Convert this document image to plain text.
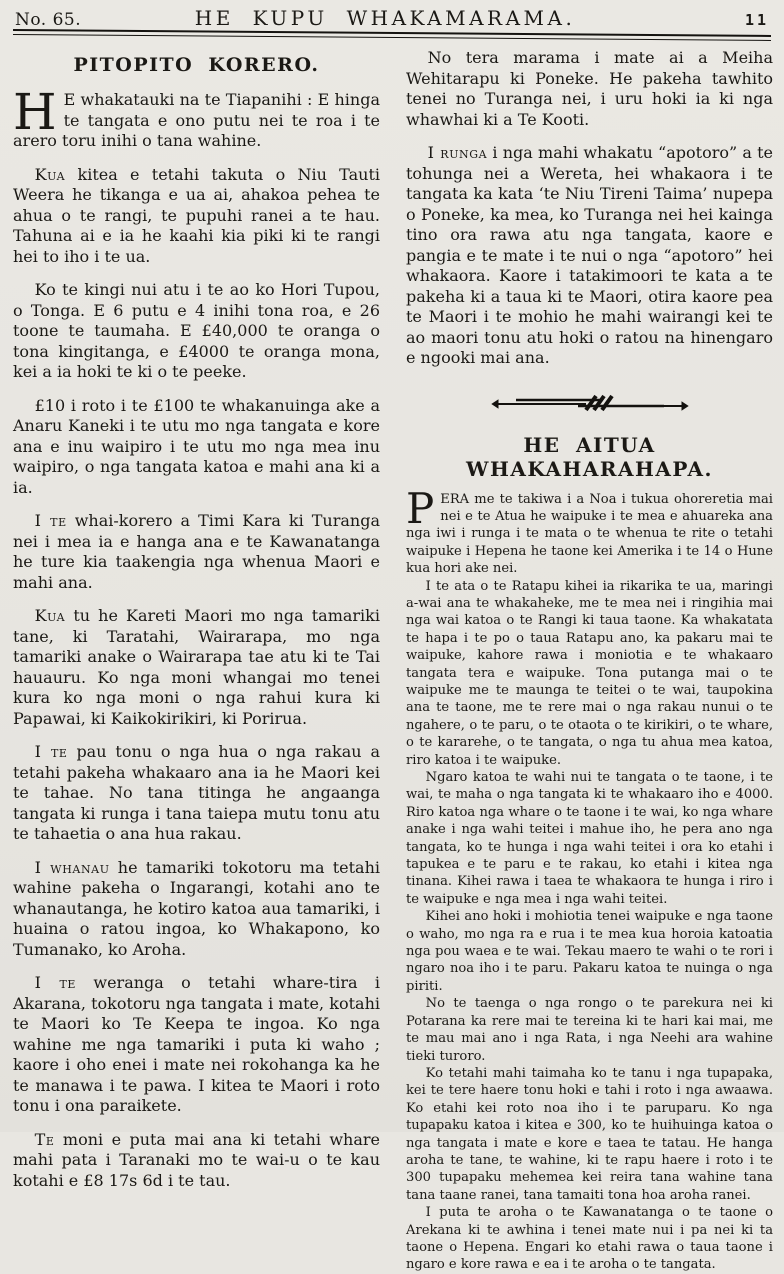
No. 65.	HE KUPU WHAKAMARAMA.	11
PITOPITO KORERO.

H E whakatauki na te Tiapanihi : E hinga te tangata e ono putu nei te roa i te arero toru inihi o tana wahine.

Kua kitea e tetahi takuta o Niu Tauti Weera he tikanga e ua ai, ahakoa pehea te ahua o te rangi, te pupuhi ranei a te hau. Tahuna ai e ia he kaahi kia piki ki te rangi hei to iho i te ua.

Ko te kingi nui atu i te ao ko Hori Tupou, o Tonga. E 6 putu e 4 inihi tona roa, e 26 toone te taumaha. E £40,000 te oranga o tona kingitanga, e £4000 te oranga mona, kei a ia hoki te ki o te peeke.

£10 i roto i te £100 te whakanuinga ake a Anaru Kaneki i te utu mo nga tangata e kore ana e inu waipiro i te utu mo nga mea inu waipiro, o nga tangata katoa e mahi ana ki a ia.

I te whai-korero a Timi Kara ki Turanga nei i mea ia e hanga ana e te Kawanatanga he ture kia taakengia nga whenua Maori e mahi ana.

Kua tu he Kareti Maori mo nga tamariki tane, ki Taratahi, Wairarapa, mo nga tamariki anake o Wairarapa tae atu ki te Tai hauauru. Ko nga moni whangai mo tenei kura ko nga moni o nga rahui kura ki Papawai, ki Kaikokirikiri, ki Porirua.

I te pau tonu o nga hua o nga rakau a tetahi pakeha whakaaro ana ia he Maori kei te tahae. No tana titinga he angaanga tangata ki runga i tana taiepa mutu tonu atu te tahaetia o ana hua rakau.

I whanau he tamariki tokotoru ma tetahi wahine pakeha o Ingarangi, kotahi ano te whanautanga, he kotiro katoa aua tamariki, i huaina o ratou ingoa, ko Whakapono, ko Tumanako, ko Aroha.

I te weranga o tetahi whare-tira i Akarana, tokotoru nga tangata i mate, kotahi te Maori ko Te Keepa te ingoa. Ko nga wahine me nga tamariki i puta ki waho ; kaore i oho enei i mate nei rokohanga ka he te manawa i te pawa. I kitea te Maori i roto tonu i ona paraikete.

Te moni e puta mai ana ki tetahi whare mahi pata i Taranaki mo te wai-u o te kau kotahi e £8 17s 6d i te tau.

No tera marama i mate ai a Meiha Wehitarapu ki Poneke. He pakeha tawhito tenei no Turanga nei, i uru hoki ia ki nga whawhai ki a Te Kooti.

I runga i nga mahi whakatu “apotoro” a te tohunga nei a Wereta, hei whakaora i te tangata ka kata ‘te Niu Tireni Taima’ nupepa o Poneke, ka mea, ko Turanga nei hei kainga tino ora rawa atu nga tangata, kaore e pangia e te mate i te nui o nga “apotoro” hei whakaora. Kaore i tatakimoori te kata a te pakeha ki a taua ki te Maori, otira kaore pea te Maori i te mohio he mahi wairangi kei te ao maori tonu atu hoki o ratou na hinengaro e ngooki mai ana.

HE AITUA WHAKAHARAHAPA.

PERA me te takiwa i a Noa i tukua ohoreretia mai nei e te Atua he waipuke i te mea e ahuareka ana nga iwi i runga i te mata o te whenua te rite o tetahi waipuke i Hepena he taone kei Amerika i te 14 o Hune kua hori ake nei.

I te ata o te Ratapu kihei ia rikarika te ua, maringi a-wai ana te whakaheke, me te mea nei i ringihia mai nga wai katoa o te Rangi ki taua taone. Ka whakatata te hapa i te po o taua Ratapu ano, ka pakaru mai te waipuke, kahore rawa i moniotia e te whakaaro tangata tera e waipuke. Tona putanga mai o te waipuke me te maunga te teitei o te wai, taupokina ana te taone, me te rere mai o nga rakau nunui o te ngahere, o te paru, o te otaota o te kirikiri, o te whare, o te kararehe, o te tangata, o nga tu ahua mea katoa, riro katoa i te waipuke.

Ngaro katoa te wahi nui te tangata o te taone, i te wai, te maha o nga tangata ki te whakaaro iho e 4000. Riro katoa nga whare o te taone i te wai, ko nga whare anake i nga wahi teitei i mahue iho, he pera ano nga tangata, ko te hunga i nga wahi teitei i ora ko etahi i tapukea e te paru e te rakau, ko etahi i kitea nga tinana. Kihei rawa i taea te whakaora te hunga i riro i te waipuke e nga mea i nga wahi teitei.

Kihei ano hoki i mohiotia tenei waipuke e nga taone o waho, mo nga ra e rua i te mea kua horoia katoatia nga pou waea e te wai. Tekau maero te wahi o te rori i ngaro noa iho i te paru. Pakaru katoa te nuinga o nga piriti.

No te taenga o nga rongo o te parekura nei ki Potarana ka rere mai te tereina ki te hari kai mai, me te mau mai ano i nga Rata, i nga Neehi ara wahine tieki turoro.

Ko tetahi mahi taimaha ko te tanu i nga tupapaka, kei te tere haere tonu hoki e tahi i roto i nga awaawa. Ko etahi kei roto noa iho i te paruparu. Ko nga tupapaku katoa i kitea e 300, ko te huihuinga katoa o nga tangata i mate e kore e taea te tatau. He hanga aroha te tane, te wahine, ki te rapu haere i roto i te 300 tupapaku mehemea kei reira tana wahine tana tana taane ranei, tana tamaiti tona hoa aroha ranei.

I puta te aroha o te Kawanatanga o te taone o Arekana ki te awhina i tenei mate nui i pa nei ki ta taone o Hepena. Engari ko etahi rawa o taua taone i ngaro e kore rawa e ea i te aroha o te tangata.
